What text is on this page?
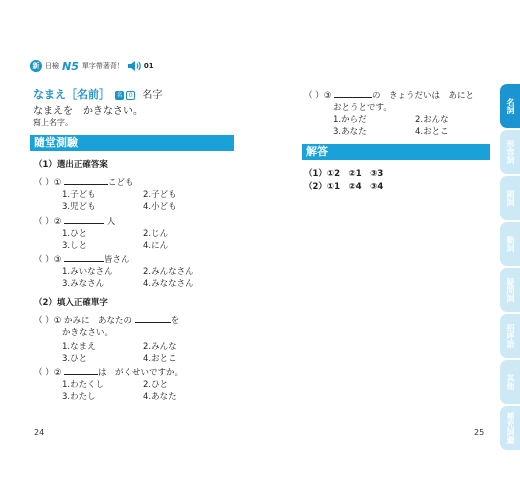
新 日檢 N5 單字帶著背！	01
なまえ［名前］ 名 0 名字
なまえを　かきなさい。
寫上名字。
隨堂測驗
（1）選出正確答案
（ ）①	こども
1.子ども	2.子ども
3.児ども	4.小ども
（ ）②	人
1.ひと	2.じん
3.しと	4.にん
（ ）③	皆さん
1.みいなさん	2.みんなさん
3.みなさん	4.みななさん
（2）填入正確單字
（ ）① かみに　あなたの	を
かきなさい。
1.なまえ	2.みんな
3.ひと	4.おとこ
（ ）②	は　がくせいですか。
1.わたくし	2.ひと
3.わたし	4.あなた
24
（ ）③	の　きょうだいは　あにと
おとうとです。
1.からだ	2.おんな
3.あなた	4.おとこ
解答
（1）①2　②1　③3
（2）①1　②4　③4
25
名詞
形容詞
副詞
動詞
疑問詞
招呼語
其他
補充詞彙
